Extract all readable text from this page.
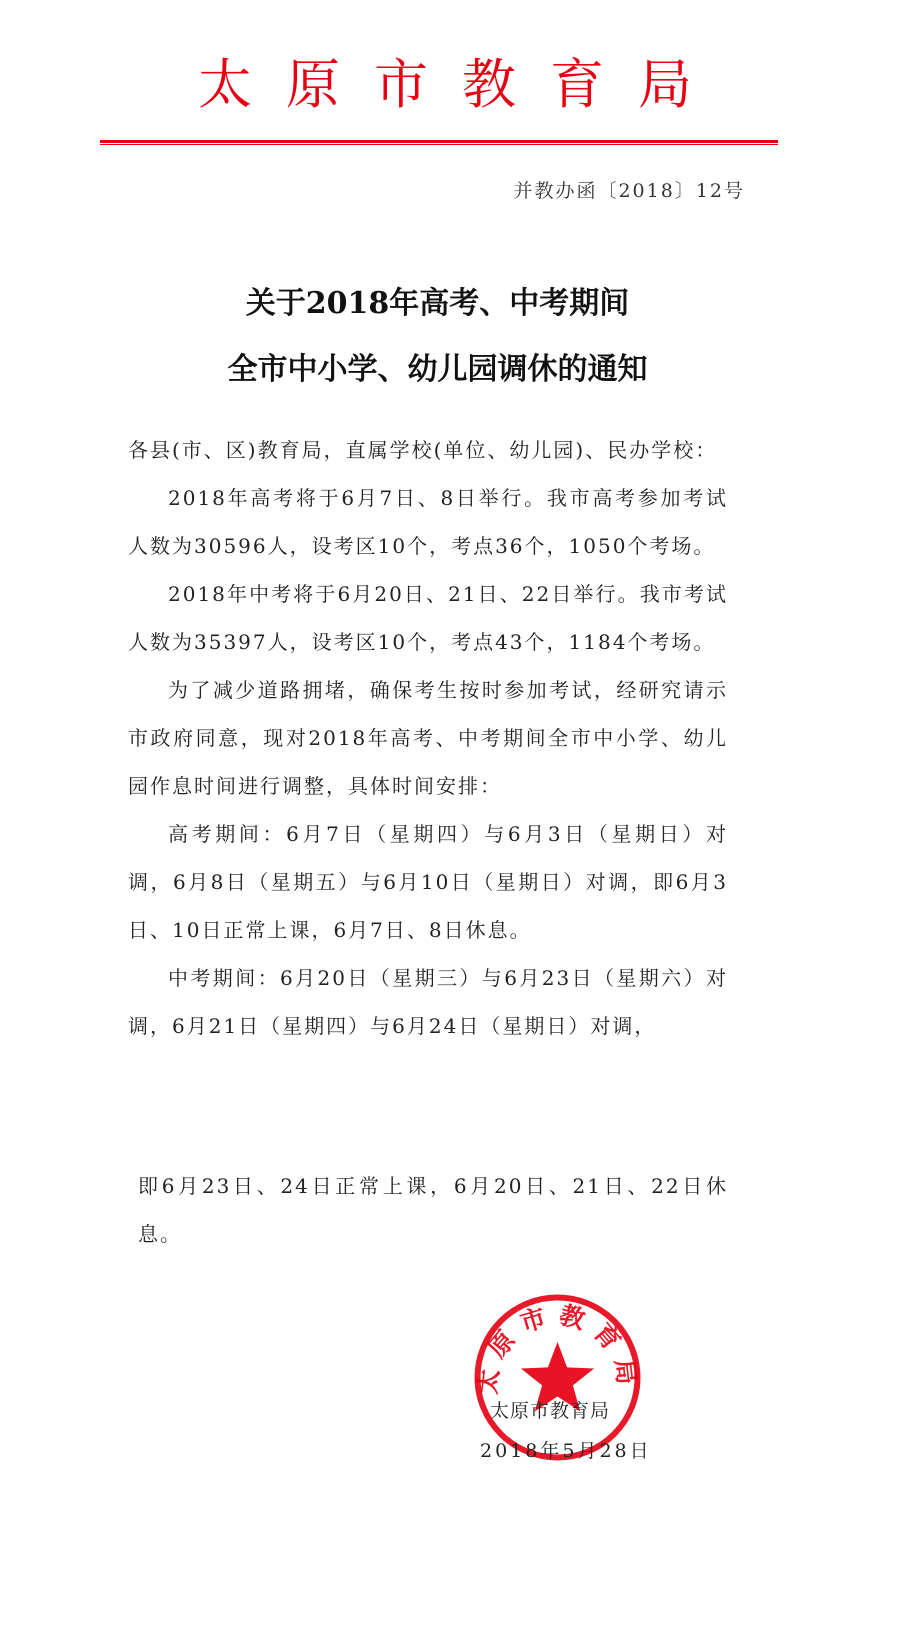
太原市教育局
并教办函〔2018〕12号
关于2018年高考、中考期间
全市中小学、幼儿园调休的通知

各县(市、区)教育局，直属学校(单位、幼儿园)、民办学校：

2018年高考将于6月7日、8日举行。我市高考参加考试人数为30596人，设考区10个，考点36个，1050个考场。

2018年中考将于6月20日、21日、22日举行。我市考试人数为35397人，设考区10个，考点43个，1184个考场。

为了减少道路拥堵，确保考生按时参加考试，经研究请示市政府同意，现对2018年高考、中考期间全市中小学、幼儿园作息时间进行调整，具体时间安排：

高考期间：6月7日（星期四）与6月3日（星期日）对调，6月8日（星期五）与6月10日（星期日）对调，即6月3日、10日正常上课，6月7日、8日休息。

中考期间：6月20日（星期三）与6月23日（星期六）对调，6月21日（星期四）与6月24日（星期日）对调，

即6月23日、24日正常上课，6月20日、21日、22日休息。

太原市教育局
太原市教育局
2018年5月28日
